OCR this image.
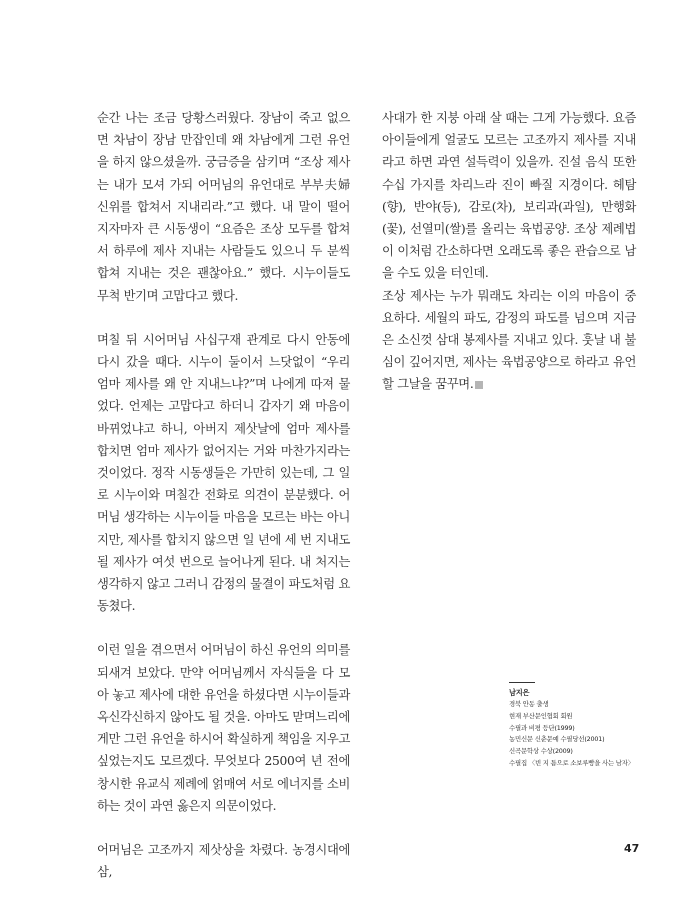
순간 나는 조금 당황스러웠다. 장남이 죽고 없으면 차남이 장남 만잡인데 왜 차남에게 그런 유언을 하지 않으셨을까. 궁금증을 삼키며 “조상 제사는 내가 모셔 가되 어머님의 유언대로 부부夫婦 신위를 합쳐서 지내리라.”고 했다. 내 말이 떨어지자마자 큰 시동생이 “요즘은 조상 모두를 합쳐서 하루에 제사 지내는 사람들도 있으니 두 분씩 합쳐 지내는 것은 괜찮아요.” 했다. 시누이들도 무척 반기며 고맙다고 했다.

며칠 뒤 시어머님 사십구재 관계로 다시 안동에 다시 갔을 때다. 시누이 둘이서 느닷없이 “우리 엄마 제사를 왜 안 지내느냐?”며 나에게 따져 물었다. 언제는 고맙다고 하더니 갑자기 왜 마음이 바뀌었냐고 하니, 아버지 제삿날에 엄마 제사를 합치면 엄마 제사가 없어지는 거와 마찬가지라는 것이었다. 정작 시동생들은 가만히 있는데, 그 일로 시누이와 며칠간 전화로 의견이 분분했다. 어머님 생각하는 시누이들 마음을 모르는 바는 아니지만, 제사를 합치지 않으면 일 년에 세 번 지내도 될 제사가 여섯 번으로 늘어나게 된다. 내 처지는 생각하지 않고 그러니 감정의 물결이 파도처럼 요동쳤다.

이런 일을 겪으면서 어머님이 하신 유언의 의미를 되새겨 보았다. 만약 어머님께서 자식들을 다 모아 놓고 제사에 대한 유언을 하셨다면 시누이들과 옥신각신하지 않아도 될 것을. 아마도 맏며느리에게만 그런 유언을 하시어 확실하게 책임을 지우고 싶었는지도 모르겠다. 무엇보다 2500여 년 전에 창시한 유교식 제례에 얽매여 서로 에너지를 소비하는 것이 과연 옳은지 의문이었다.

어머님은 고조까지 제삿상을 차렸다. 농경시대에 삼,

사대가 한 지붕 아래 살 때는 그게 가능했다. 요즘 아이들에게 얼굴도 모르는 고조까지 제사를 지내라고 하면 과연 설득력이 있을까. 진설 음식 또한 수십 가지를 차리느라 진이 빠질 지경이다. 헤탐(향), 반야(등), 감로(차), 보리과(과일), 만행화(꽃), 선열미(쌀)를 올리는 육법공양. 조상 제례법이 이처럼 간소하다면 오래도록 좋은 관습으로 남을 수도 있을 터인데.

조상 제사는 누가 뭐래도 차리는 이의 마음이 중요하다. 세월의 파도, 감정의 파도를 넘으며 지금은 소신껏 삼대 봉제사를 지내고 있다. 훗날 내 불심이 깊어지면, 제사는 육법공양으로 하라고 유언할 그날을 꿈꾸며.

남지은
경북 안동 출생
현재 부산문인협회 회원
수필과 비평 등단(1999)
농민신문 신춘문예 수필당선(2001)
신곡문학상 수상(2009)
수필집 〈빈 지 틈으로 소보루빵을 사는 남자〉
47
